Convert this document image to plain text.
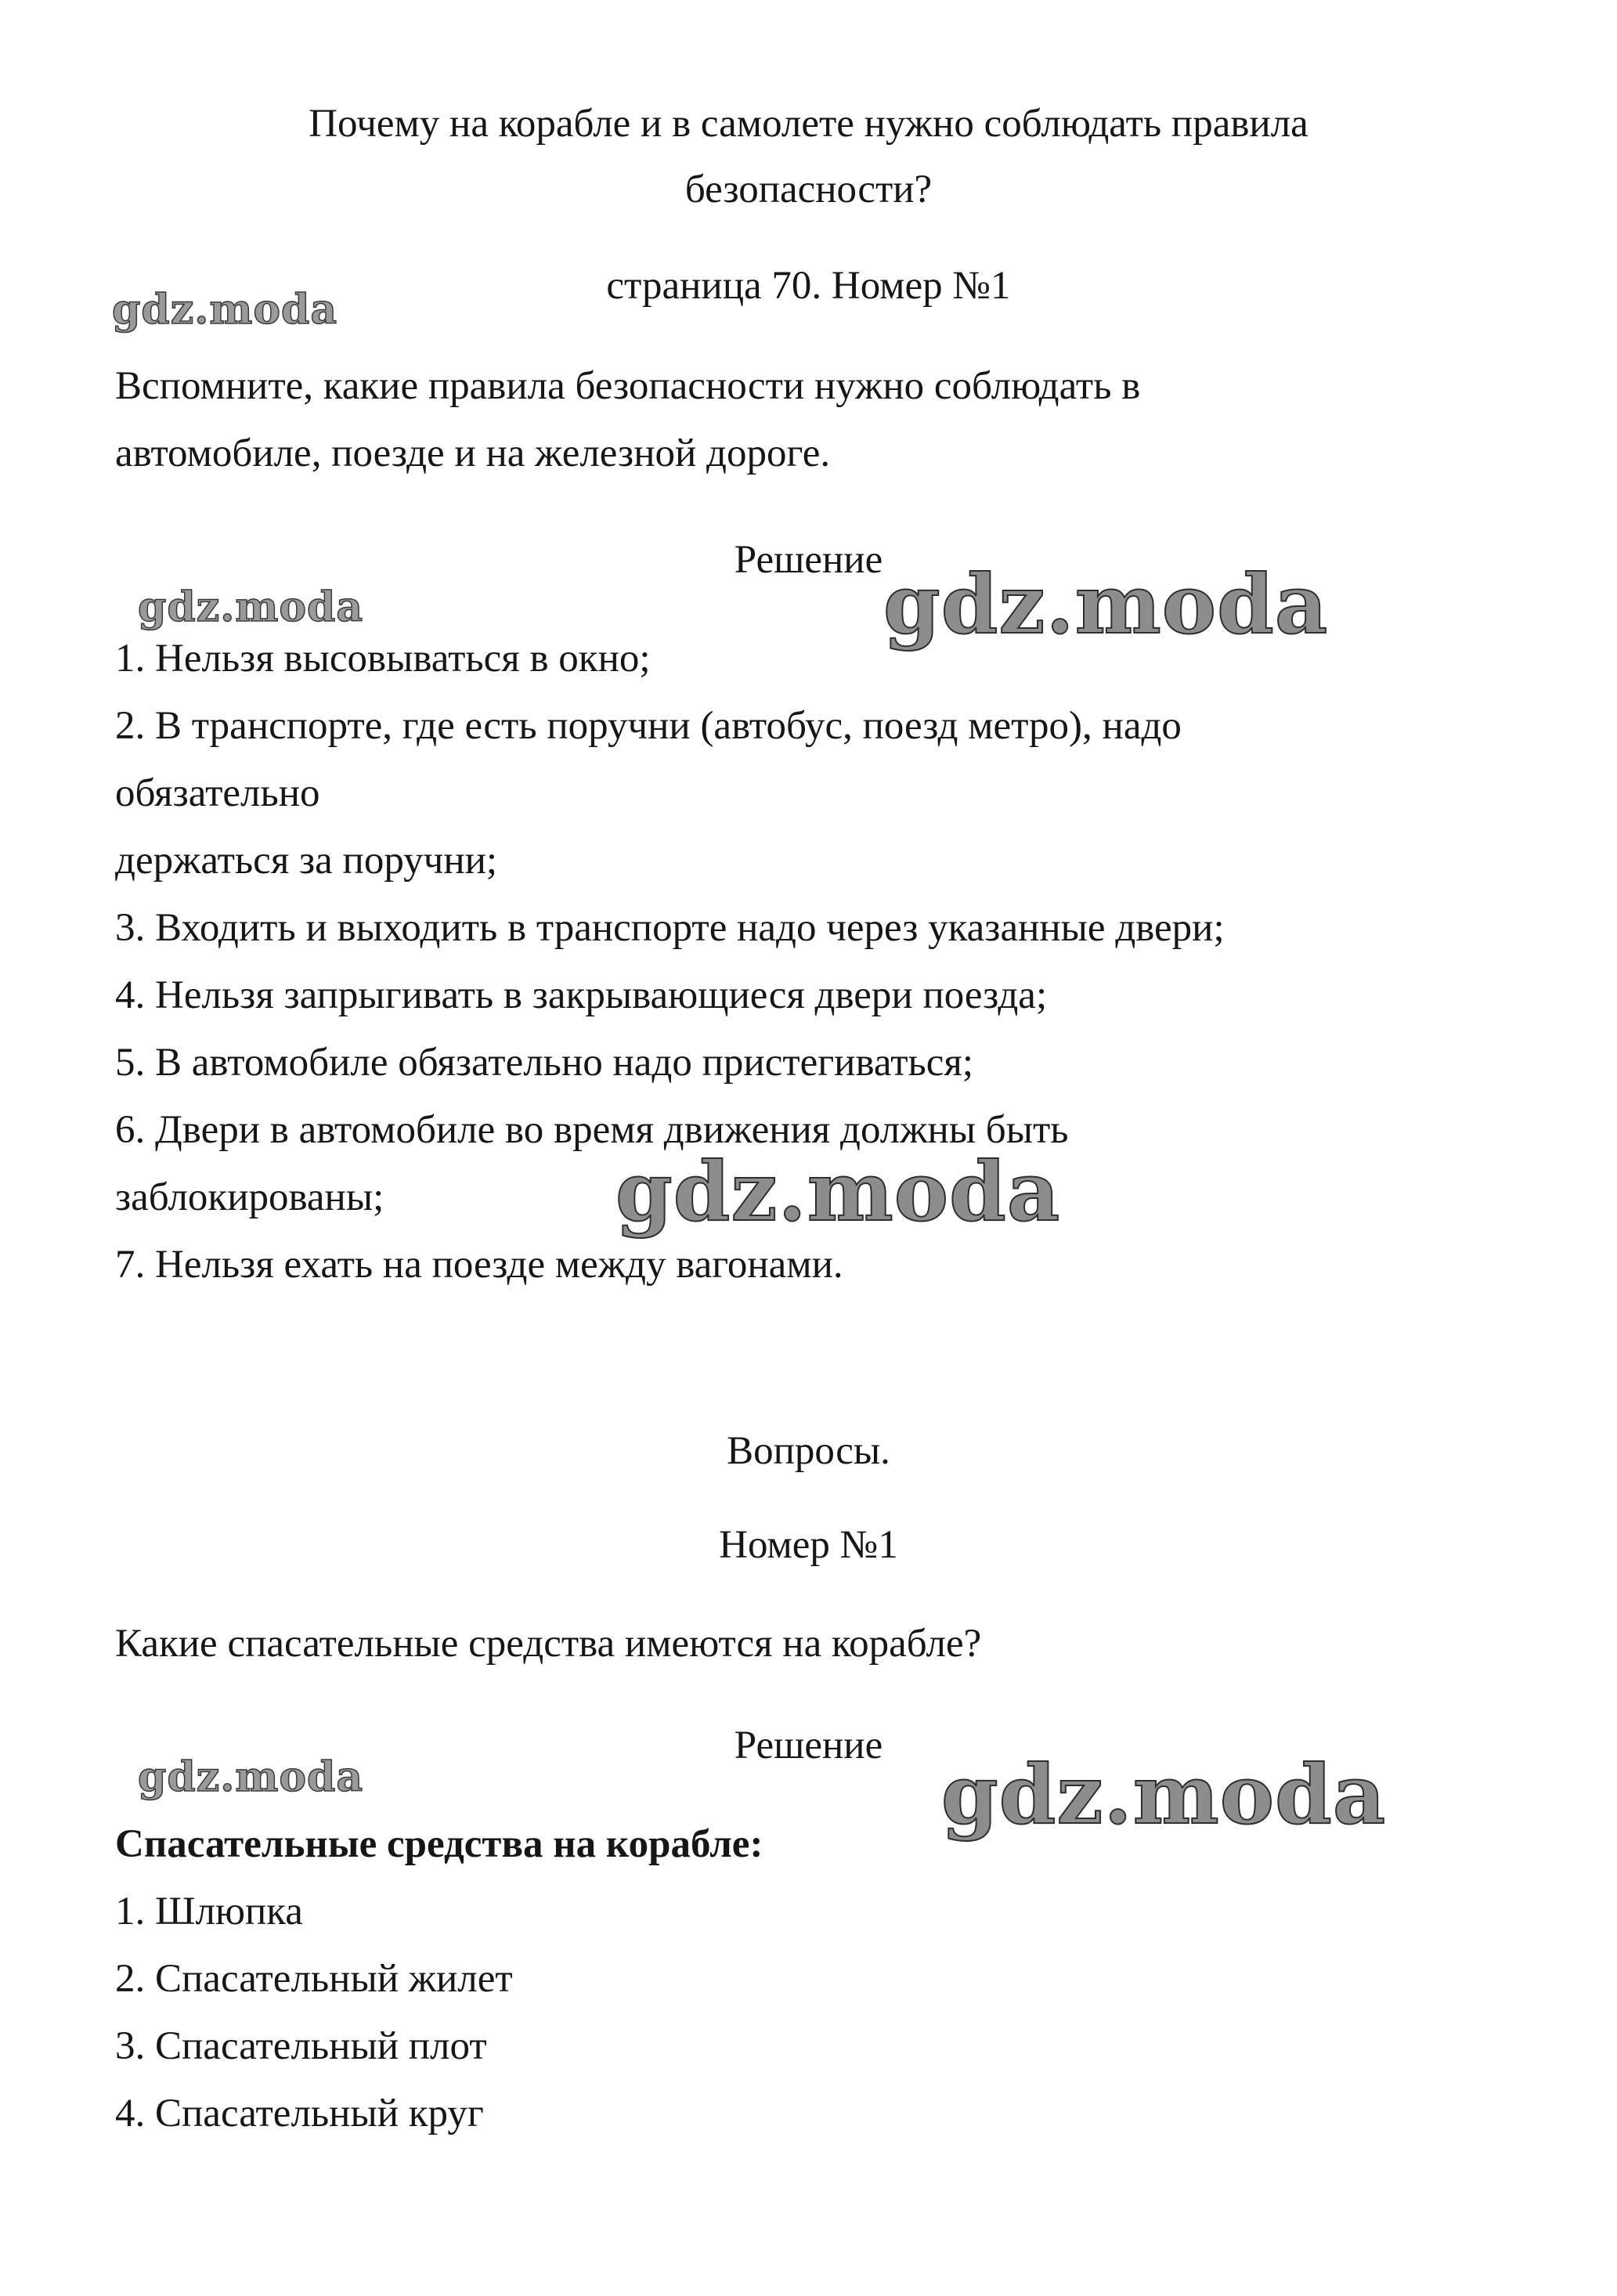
Почему на корабле и в самолете нужно соблюдать правила безопасности?
страница 70. Номер №1

Вспомните, какие правила безопасности нужно соблюдать в

автомобиле, поезде и на железной дороге.

Решение

1. Нельзя высовываться в окно;

2. В транспорте, где есть поручни (автобус, поезд метро), надо

обязательно

держаться за поручни;

3. Входить и выходить в транспорте надо через указанные двери;

4. Нельзя запрыгивать в закрывающиеся двери поезда;

5. В автомобиле обязательно надо пристегиваться;

6. Двери в автомобиле во время движения должны быть

заблокированы;

7. Нельзя ехать на поезде между вагонами.

Вопросы.
Номер №1

Какие спасательные средства имеются на корабле?

Решение

Спасательные средства на корабле:

1. Шлюпка

2. Спасательный жилет

3. Спасательный плот

4. Спасательный круг

gdz.moda
gdz.moda	gdz.moda
gdz.moda
gdz.moda	gdz.moda
